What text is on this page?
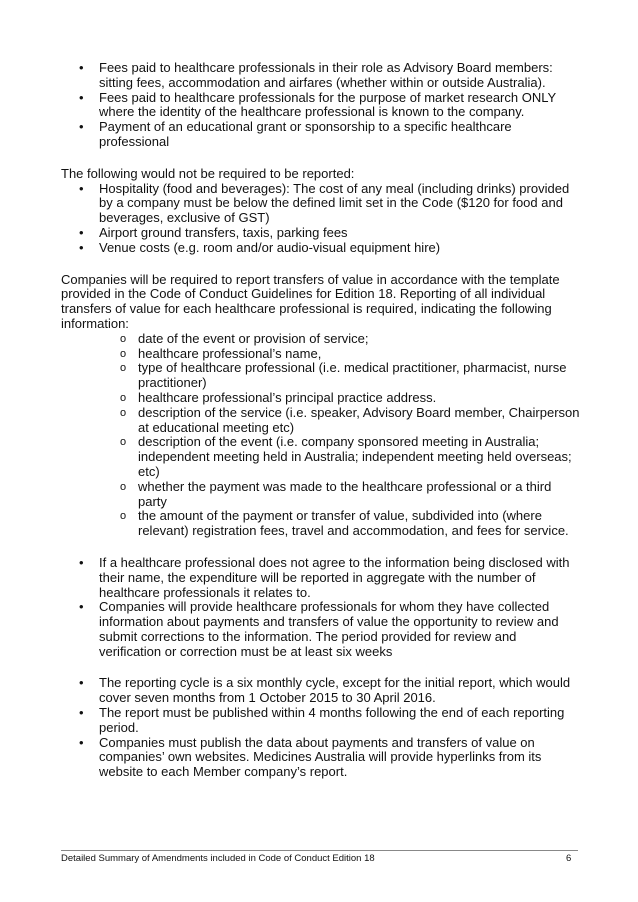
• Fees paid to healthcare professionals in their role as Advisory Board members:
sitting fees, accommodation and airfares (whether within or outside Australia).
• Fees paid to healthcare professionals for the purpose of market research ONLY
where the identity of the healthcare professional is known to the company.
• Payment of an educational grant or sponsorship to a specific healthcare
professional
The following would not be required to be reported:
• Hospitality (food and beverages): The cost of any meal (including drinks) provided
by a company must be below the defined limit set in the Code ($120 for food and
beverages, exclusive of GST)
• Airport ground transfers, taxis, parking fees
• Venue costs (e.g. room and/or audio-visual equipment hire)
Companies will be required to report transfers of value in accordance with the template
provided in the Code of Conduct Guidelines for Edition 18. Reporting of all individual
transfers of value for each healthcare professional is required, indicating the following
information:
o date of the event or provision of service;
o healthcare professional’s name,
o type of healthcare professional (i.e. medical practitioner, pharmacist, nurse
practitioner)
o healthcare professional’s principal practice address.
o description of the service (i.e. speaker, Advisory Board member, Chairperson
at educational meeting etc)
o description of the event (i.e. company sponsored meeting in Australia;
independent meeting held in Australia; independent meeting held overseas;
etc)
o whether the payment was made to the healthcare professional or a third
party
o the amount of the payment or transfer of value, subdivided into (where
relevant) registration fees, travel and accommodation, and fees for service.
• If a healthcare professional does not agree to the information being disclosed with
their name, the expenditure will be reported in aggregate with the number of
healthcare professionals it relates to.
• Companies will provide healthcare professionals for whom they have collected
information about payments and transfers of value the opportunity to review and
submit corrections to the information. The period provided for review and
verification or correction must be at least six weeks
• The reporting cycle is a six monthly cycle, except for the initial report, which would
cover seven months from 1 October 2015 to 30 April 2016.
• The report must be published within 4 months following the end of each reporting
period.
• Companies must publish the data about payments and transfers of value on
companies’ own websites. Medicines Australia will provide hyperlinks from its
website to each Member company’s report.
Detailed Summary of Amendments included in Code of Conduct Edition 18	6
